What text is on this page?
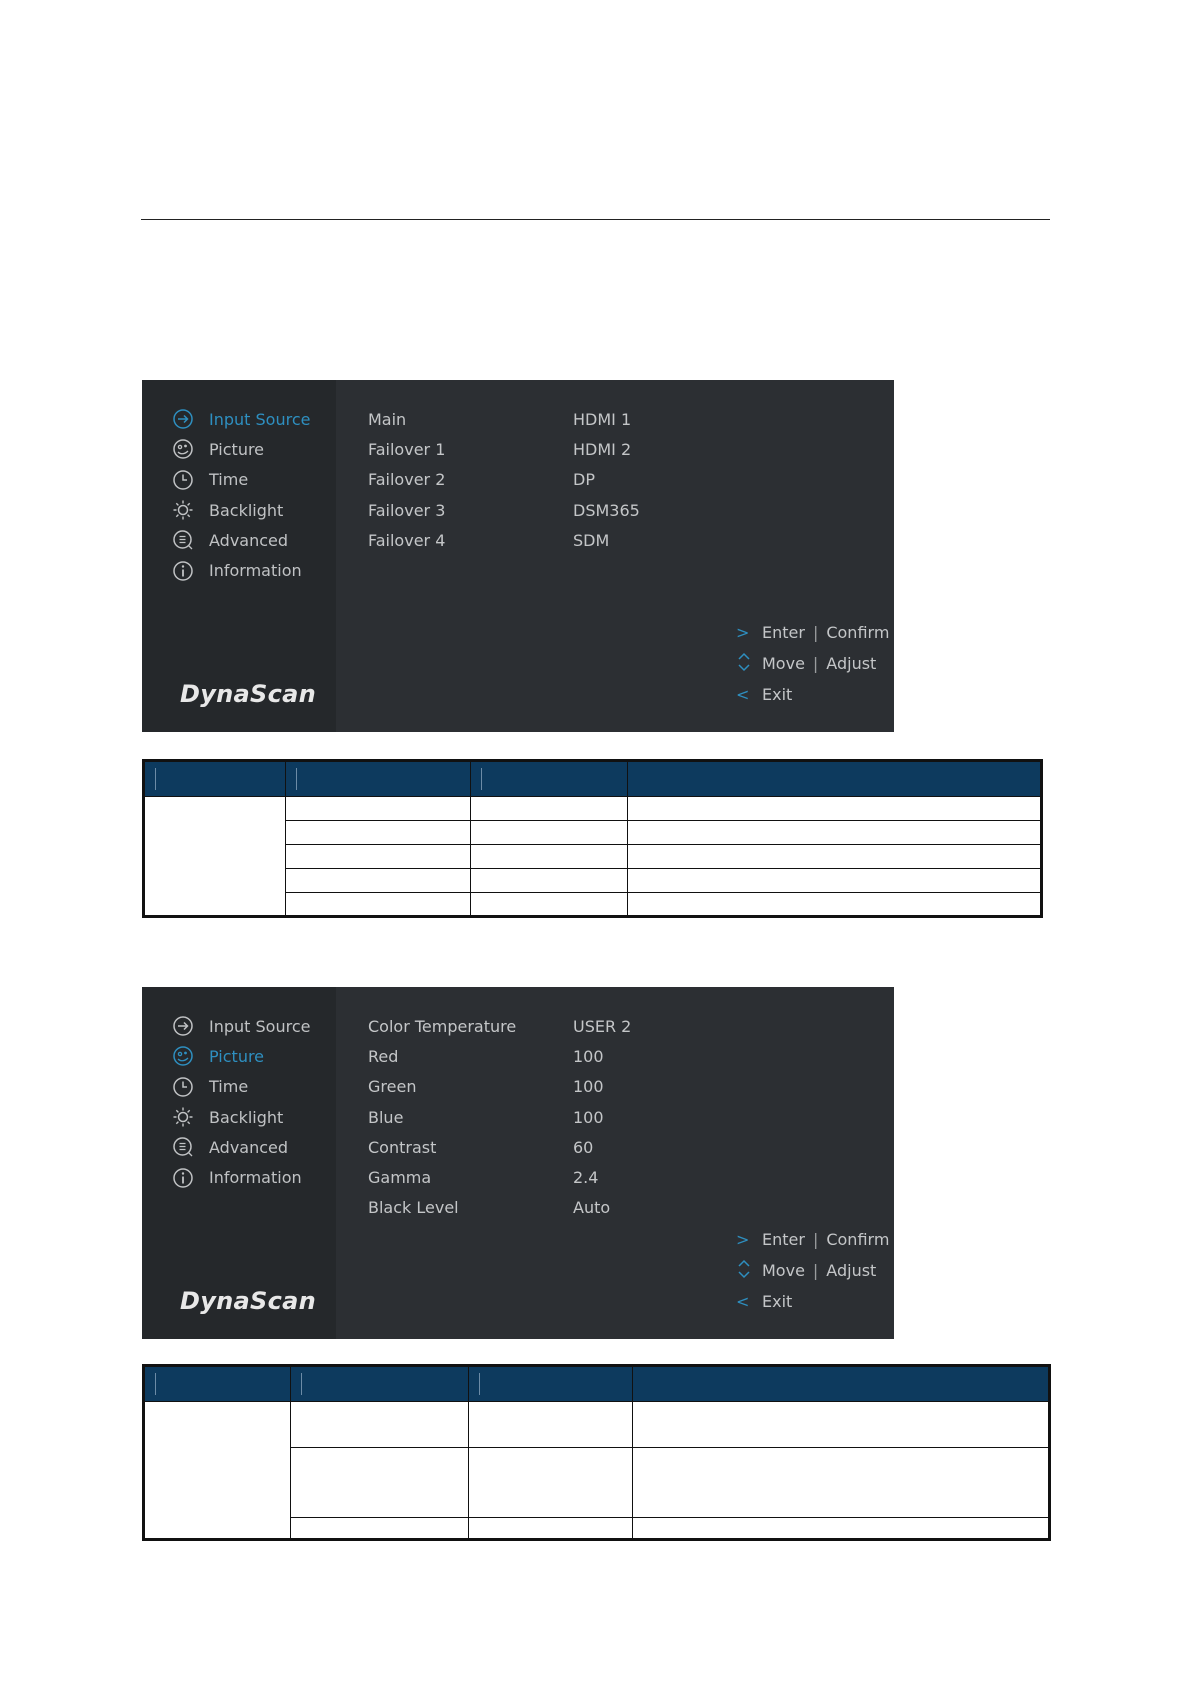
Input Source
Picture
Time
Backlight
Advanced
Information
DynaScan
Main	HDMI 1
Failover 1	HDMI 2
Failover 2	DP
Failover 3	DSM365
Failover 4	SDM
> Enter | Confirm
Move | Adjust
< Exit

Input Source
Picture
Time
Backlight
Advanced
Information
DynaScan
Color Temperature	USER 2
Red	100
Green	100
Blue	100
Contrast	60
Gamma	2.4
Black Level	Auto
> Enter | Confirm
Move | Adjust
< Exit
